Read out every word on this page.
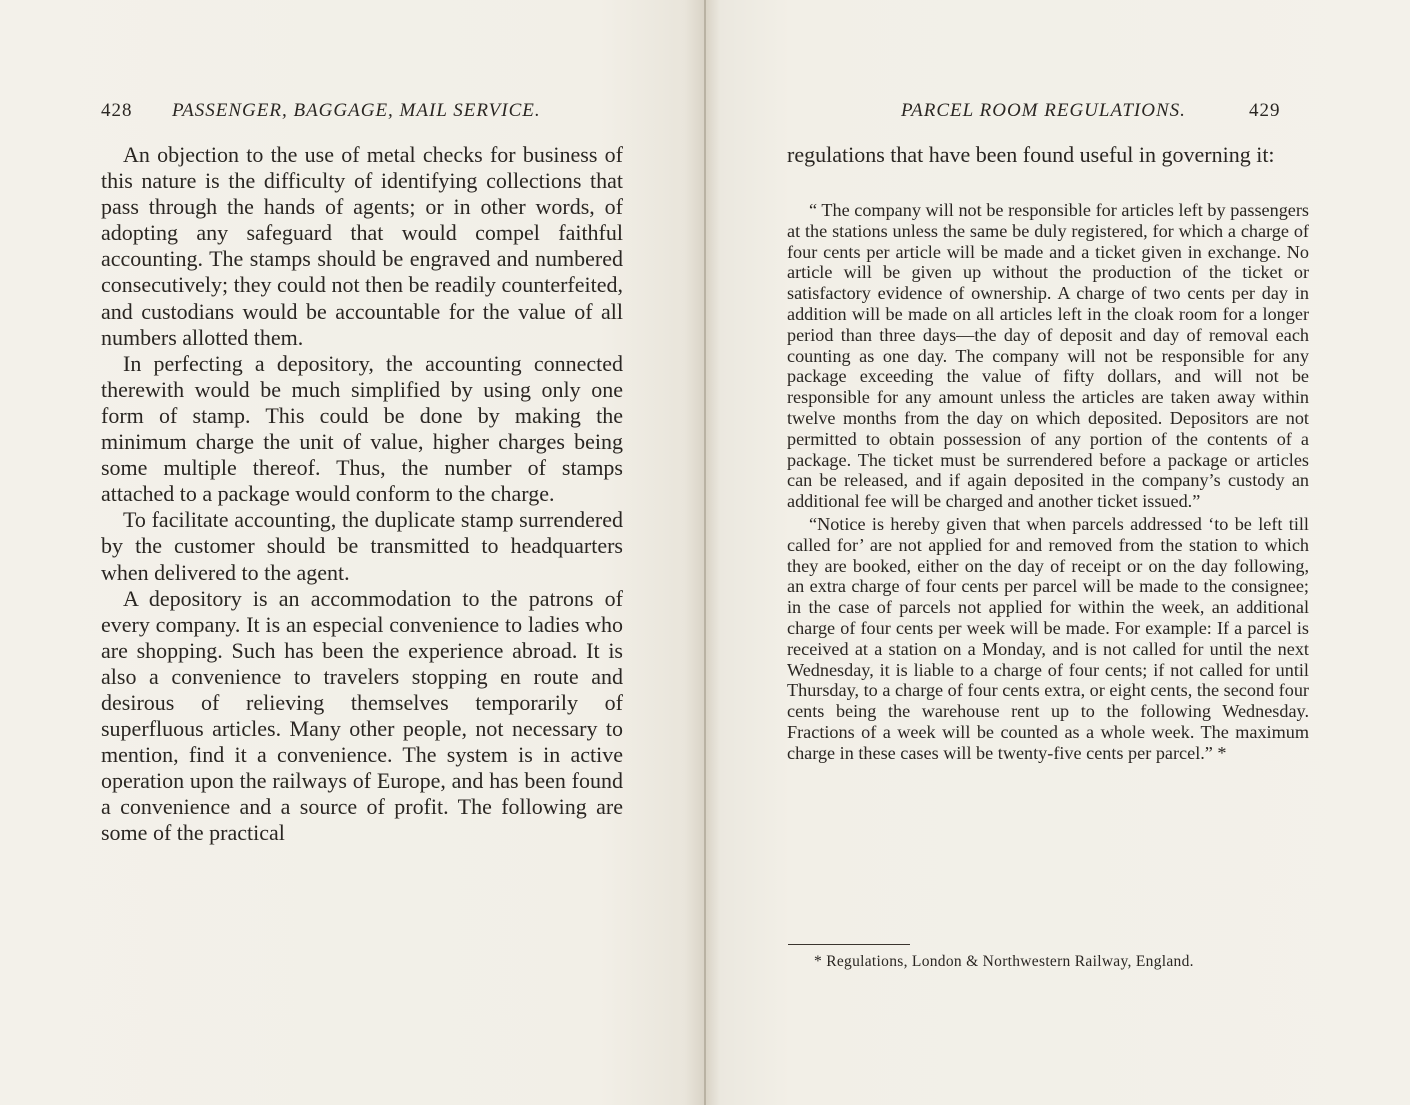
428 PASSENGER, BAGGAGE, MAIL SERVICE.

An objection to the use of metal checks for business of this nature is the difficulty of identifying collections that pass through the hands of agents; or in other words, of adopting any safeguard that would compel faithful accounting. The stamps should be engraved and numbered consecutively; they could not then be readily counterfeited, and custodians would be accountable for the value of all numbers allotted them.

In perfecting a depository, the accounting connected therewith would be much simplified by using only one form of stamp. This could be done by making the minimum charge the unit of value, higher charges being some multiple thereof. Thus, the number of stamps attached to a package would conform to the charge.

To facilitate accounting, the duplicate stamp surrendered by the customer should be transmitted to headquarters when delivered to the agent.

A depository is an accommodation to the patrons of every company. It is an especial convenience to ladies who are shopping. Such has been the experience abroad. It is also a convenience to travelers stopping en route and desirous of relieving themselves temporarily of superfluous articles. Many other people, not necessary to mention, find it a convenience. The system is in active operation upon the railways of Europe, and has been found a convenience and a source of profit. The following are some of the practical

PARCEL ROOM REGULATIONS.	429

regulations that have been found useful in governing it:

“ The company will not be responsible for articles left by passengers at the stations unless the same be duly registered, for which a charge of four cents per article will be made and a ticket given in exchange. No article will be given up without the production of the ticket or satisfactory evidence of ownership. A charge of two cents per day in addition will be made on all articles left in the cloak room for a longer period than three days—the day of deposit and day of removal each counting as one day. The company will not be responsible for any package exceeding the value of fifty dollars, and will not be responsible for any amount unless the articles are taken away within twelve months from the day on which deposited. Depositors are not permitted to obtain possession of any portion of the contents of a package. The ticket must be surrendered before a package or articles can be released, and if again deposited in the company’s custody an additional fee will be charged and another ticket issued.”

“Notice is hereby given that when parcels addressed ‘to be left till called for’ are not applied for and removed from the station to which they are booked, either on the day of receipt or on the day following, an extra charge of four cents per parcel will be made to the consignee; in the case of parcels not applied for within the week, an additional charge of four cents per week will be made. For example: If a parcel is received at a station on a Monday, and is not called for until the next Wednesday, it is liable to a charge of four cents; if not called for until Thursday, to a charge of four cents extra, or eight cents, the second four cents being the warehouse rent up to the following Wednesday. Fractions of a week will be counted as a whole week. The maximum charge in these cases will be twenty-five cents per parcel.” *

* Regulations, London & Northwestern Railway, England.
